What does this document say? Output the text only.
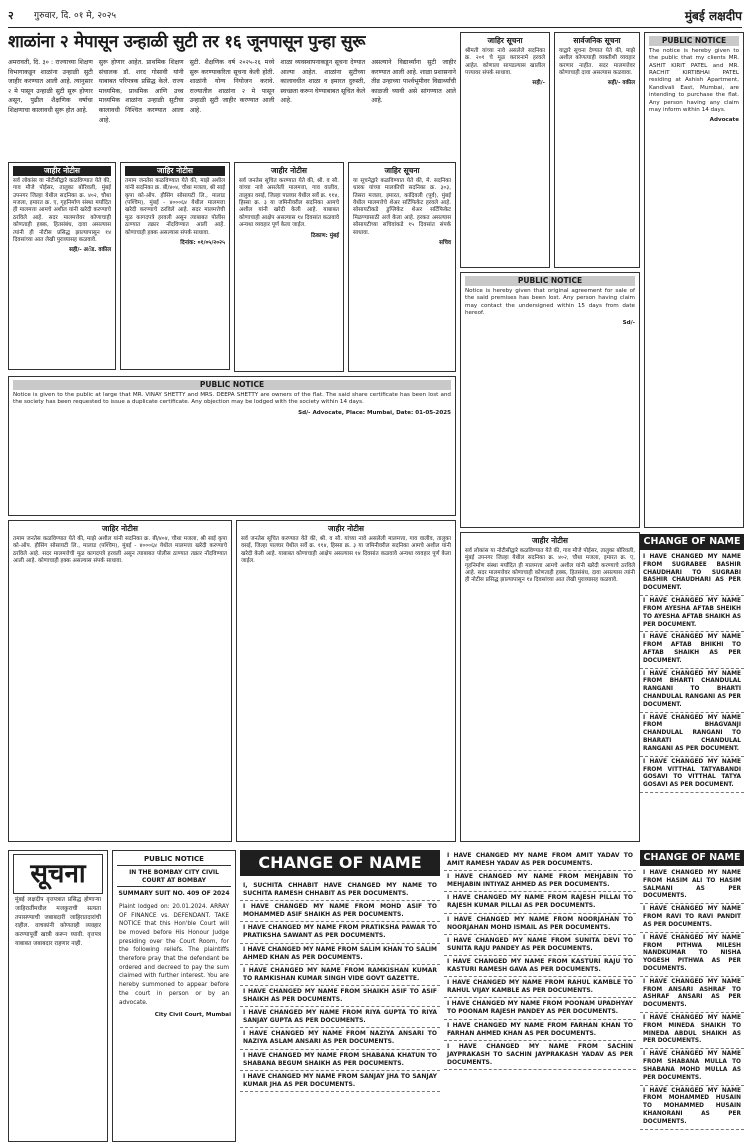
२ गुरुवार, दि. ०१ मे, २०२५	मुंबई लक्षदीप
शाळांना २ मेपासून उन्हाळी सुटी तर १६ जूनपासून पुन्हा सुरू

अमरावती, दि. ३० : राज्याच्या शिक्षण विभागाकडून शाळांना उन्हाळी सुटी जाहीर करण्यात आली आहे. त्यानुसार २ मे पासून उन्हाळी सुटी सुरू होणार असून, पुढील शैक्षणिक वर्षाचा शिक्षणाचा कालावधी सुरू होत आहे.

सुरू होणार आहेत. प्राथमिक शिक्षण संचालक डॉ. शरद गोसावी यांनी याबाबत परिपत्रक प्रसिद्ध केले. राज्य माध्यमिक, प्राथमिक आणि उच्च माध्यमिक शाळांना उन्हाळी सुटीचा कालावधी निश्चित करण्यात आला आहे.

सुटी. शैक्षणिक वर्ष २०२५-२६ मध्ये सुरू करण्याकरिता सूचना केली होती. शाळांनी योग्य नियोजन करावे. राज्यातील शाळांना २ मे पासून उन्हाळी सुटी जाहीर करण्यात आली आहे.

शाळा व्यवस्थापनाकडून सूचना देण्यात आल्या आहेत. शाळांना सुटीच्या कालावधीत शाळा व इमारत दुरुस्ती, स्वच्छता करून घेण्याबाबत सूचित केले आहे.

असल्याने विद्यार्थ्यांना सुटी जाहीर करण्यात आली आहे. शाळा प्रशासनाने तीव्र उन्हाच्या पार्श्वभूमीवर विद्यार्थ्यांची काळजी घ्यावी असे सांगण्यात आले आहे.

जाहीर नोटीस
सर्व लोकांस या नोटीसीद्वारे कळविण्यात येते की, गाव मौजे पोईसर, तालुका बोरिवली, मुंबई उपनगर जिल्हा येथील सदनिका क्र. ४०२, चौथा मजला, इमारत क्र. ए, गृहनिर्माण संस्था मर्यादित ही मालमत्ता आमचे अशील यांनी खरेदी करण्याचे ठरविले आहे. सदर मालमत्तेवर कोणाचाही कोणताही हक्क, हितसंबंध, दावा असल्यास त्यांनी ही नोटीस प्रसिद्ध झाल्यापासून १४ दिवसांच्या आत लेखी पुराव्यासह कळवावे.
सही/- अॅड. वकील
जाहिर नोटीस
तमाम जनतेस कळविण्यात येते की, माझे अशील यांनी सदनिका क्र. बी/४०४, चौथा मजला, श्री साई कृपा को-ऑप. हौसिंग सोसायटी लि., मालाड (पश्चिम), मुंबई - ४०००६४ येथील मालमत्ता खरेदी करण्याचे ठरविले आहे. सदर मालमत्तेची मूळ कागदपत्रे हरवली असून त्याबाबत पोलीस ठाण्यात तक्रार नोंदविण्यात आली आहे. कोणाचाही हक्क असल्यास संपर्क साधावा.
दिनांक: ०१/०५/२०२५
जाहीर नोटीस
सर्व जनतेस सूचित करण्यात येते की, श्री. व सौ. यांच्या नावे असलेली मालमत्ता, गाव वालीव, तालुका वसई, जिल्हा पालघर येथील सर्वे क्र. ११४, हिस्सा क्र. ३ या जमिनीवरील सदनिका आमचे अशील यांनी खरेदी केली आहे. याबाबत कोणाचाही आक्षेप असल्यास १४ दिवसांत कळवावे अन्यथा व्यवहार पूर्ण केला जाईल.
ठिकाण: मुंबई
जाहिर सूचना
या सूचनेद्वारे कळविण्यात येते की, मे. सदनिका धारक यांच्या मालकीची सदनिका क्र. ३०३, तिसरा मजला, इमारत, कांदिवली (पूर्व), मुंबई येथील मालमत्तेचे शेअर सर्टिफिकेट हरवले आहे. सोसायटीकडे डुप्लिकेट शेअर सर्टिफिकेट मिळण्यासाठी अर्ज केला आहे. हरकत असल्यास सोसायटीच्या सचिवांकडे १५ दिवसांत संपर्क साधावा.
सचिव
जाहिर सूचना
श्रीमती यांच्या नावे असलेले सदनिका क्र. २०१ चे मूळ करारनामे हरवले आहेत. कोणाला सापडल्यास खालील पत्त्यावर संपर्क साधावा.
सही/-
सार्वजनिक सूचना
याद्वारे सूचना देण्यात येते की, माझे अशील कोणत्याही व्यक्तीशी व्यवहार करणार नाहीत. सदर मालमत्तेवर कोणाचाही दावा असल्यास कळवावा.
सही/- वकील
PUBLIC NOTICE
The notice is hereby given to the public that my clients MR. ASHIT KIRIT PATEL and MR. RACHIT KIRTIBHAI PATEL residing at Ashish Apartment, Kandivali East, Mumbai, are intending to purchase the flat. Any person having any claim may inform within 14 days.
Advocate
PUBLIC NOTICE
Notice is hereby given that original agreement for sale of the said premises has been lost. Any person having claim may contact the undersigned within 15 days from date hereof.
Sd/-
PUBLIC NOTICE
Notice is given to the public at large that MR. VINAY SHETTY and MRS. DEEPA SHETTY are owners of the flat. The said share certificate has been lost and the society has been requested to issue a duplicate certificate. Any objection may be lodged with the society within 14 days.
Sd/- Advocate, Place: Mumbai, Date: 01-05-2025
जाहीर नोटीस
सर्व लोकांस या नोटीसीद्वारे कळविण्यात येते की, गाव मौजे पोईसर, तालुका बोरिवली, मुंबई उपनगर जिल्हा येथील सदनिका क्र. ४०२, चौथा मजला, इमारत क्र. ए, गृहनिर्माण संस्था मर्यादित ही मालमत्ता आमचे अशील यांनी खरेदी करण्याचे ठरविले आहे. सदर मालमत्तेवर कोणाचाही कोणताही हक्क, हितसंबंध, दावा असल्यास त्यांनी ही नोटीस प्रसिद्ध झाल्यापासून १४ दिवसांच्या आत लेखी पुराव्यासह कळवावे.
जाहिर नोटीस
तमाम जनतेस कळविण्यात येते की, माझे अशील यांनी सदनिका क्र. बी/४०४, चौथा मजला, श्री साई कृपा को-ऑप. हौसिंग सोसायटी लि., मालाड (पश्चिम), मुंबई - ४०००६४ येथील मालमत्ता खरेदी करण्याचे ठरविले आहे. सदर मालमत्तेची मूळ कागदपत्रे हरवली असून त्याबाबत पोलीस ठाण्यात तक्रार नोंदविण्यात आली आहे. कोणाचाही हक्क असल्यास संपर्क साधावा.
जाहीर नोटीस
सर्व जनतेस सूचित करण्यात येते की, श्री. व सौ. यांच्या नावे असलेली मालमत्ता, गाव वालीव, तालुका वसई, जिल्हा पालघर येथील सर्वे क्र. ११४, हिस्सा क्र. ३ या जमिनीवरील सदनिका आमचे अशील यांनी खरेदी केली आहे. याबाबत कोणाचाही आक्षेप असल्यास १४ दिवसांत कळवावे अन्यथा व्यवहार पूर्ण केला जाईल.
सूचना
मुंबई लक्षदीप वृत्तपत्रात प्रसिद्ध होणाऱ्या जाहिरातींमधील मजकुराची सत्यता तपासण्याची जबाबदारी जाहिरातदारांची राहील. वाचकांनी कोणताही व्यवहार करण्यापूर्वी खात्री करून घ्यावी. वृत्तपत्र याबाबत जबाबदार राहणार नाही.
PUBLIC NOTICE
IN THE BOMBAY CITY CIVIL COURT AT BOMBAY
SUMMARY SUIT NO. 409 OF 2024
Plaint lodged on: 20.01.2024. ARRAY OF FINANCE vs. DEFENDANT. TAKE NOTICE that this Hon'ble Court will be moved before His Honour Judge presiding over the Court Room, for the following reliefs. The plaintiffs therefore pray that the defendant be ordered and decreed to pay the sum claimed with further interest. You are hereby summoned to appear before the court in person or by an advocate.
City Civil Court, Mumbai
CHANGE OF NAME
I, SUCHITA CHHABIT HAVE CHANGED MY NAME TO SUCHITA RAMESH CHHABIT AS PER DOCUMENTS.
I HAVE CHANGED MY NAME FROM MOHD ASIF TO MOHAMMED ASIF SHAIKH AS PER DOCUMENTS.
I HAVE CHANGED MY NAME FROM PRATIKSHA PAWAR TO PRATIKSHA SAWANT AS PER DOCUMENTS.
I HAVE CHANGED MY NAME FROM SALIM KHAN TO SALIM AHMED KHAN AS PER DOCUMENTS.
I HAVE CHANGED MY NAME FROM RAMKISHAN KUMAR TO RAMKISHAN KUMAR SINGH VIDE GOVT GAZETTE.
I HAVE CHANGED MY NAME FROM SHAIKH ASIF TO ASIF SHAIKH AS PER DOCUMENTS.
I HAVE CHANGED MY NAME FROM RIYA GUPTA TO RIYA SANJAY GUPTA AS PER DOCUMENTS.
I HAVE CHANGED MY NAME FROM NAZIYA ANSARI TO NAZIYA ASLAM ANSARI AS PER DOCUMENTS.
I HAVE CHANGED MY NAME FROM SHABANA KHATUN TO SHABANA BEGUM SHAIKH AS PER DOCUMENTS.
I HAVE CHANGED MY NAME FROM SANJAY JHA TO SANJAY KUMAR JHA AS PER DOCUMENTS.
I HAVE CHANGED MY NAME FROM AMIT YADAV TO AMIT RAMESH YADAV AS PER DOCUMENTS.
I HAVE CHANGED MY NAME FROM MEHJABIN TO MEHJABIN INTIYAZ AHMED AS PER DOCUMENTS.
I HAVE CHANGED MY NAME FROM RAJESH PILLAI TO RAJESH KUMAR PILLAI AS PER DOCUMENTS.
I HAVE CHANGED MY NAME FROM NOORJAHAN TO NOORJAHAN MOHD ISMAIL AS PER DOCUMENTS.
I HAVE CHANGED MY NAME FROM SUNITA DEVI TO SUNITA RAJU PANDEY AS PER DOCUMENTS.
I HAVE CHANGED MY NAME FROM KASTURI RAJU TO KASTURI RAMESH GAVA AS PER DOCUMENTS.
I HAVE CHANGED MY NAME FROM RAHUL KAMBLE TO RAHUL VIJAY KAMBLE AS PER DOCUMENTS.
I HAVE CHANGED MY NAME FROM POONAM UPADHYAY TO POONAM RAJESH PANDEY AS PER DOCUMENTS.
I HAVE CHANGED MY NAME FROM FARHAN KHAN TO FARHAN AHMED KHAN AS PER DOCUMENTS.
I HAVE CHANGED MY NAME FROM SACHIN JAYPRAKASH TO SACHIN JAYPRAKASH YADAV AS PER DOCUMENTS.
CHANGE OF NAME
I HAVE CHANGED MY NAME FROM SUGRABEE BASHIR CHAUDHARI TO SUGRABI BASHIR CHAUDHARI AS PER DOCUMENT.
I HAVE CHANGED MY NAME FROM AYESHA AFTAB SHEIKH TO AYESHA AFTAB SHAIKH AS PER DOCUMENT.
I HAVE CHANGED MY NAME FROM AFTAB BHIKHI TO AFTAB SHAIKH AS PER DOCUMENT.
I HAVE CHANGED MY NAME FROM BHARTI CHANDULAL RANGANI TO BHARTI CHANDULAL RANGANI AS PER DOCUMENT.
I HAVE CHANGED MY NAME FROM BHAGVANJI CHANDULAL RANGANI TO BHARATI CHANDULAL RANGANI AS PER DOCUMENT.
I HAVE CHANGED MY NAME FROM VITTHAL TATYABANDI GOSAVI TO VITTHAL TATYA GOSAVI AS PER DOCUMENT.
CHANGE OF NAME
I HAVE CHANGED MY NAME FROM HASIM ALI TO HASIM SALMANI AS PER DOCUMENTS.
I HAVE CHANGED MY NAME FROM RAVI TO RAVI PANDIT AS PER DOCUMENTS.
I HAVE CHANGED MY NAME FROM PITHWA MILESH NANDKUMAR TO NISHA YOGESH PITHWA AS PER DOCUMENTS.
I HAVE CHANGED MY NAME FROM ANSARI ASHRAF TO ASHRAF ANSARI AS PER DOCUMENTS.
I HAVE CHANGED MY NAME FROM MINEDA SHAIKH TO MINEDA ABDUL SHAIKH AS PER DOCUMENTS.
I HAVE CHANGED MY NAME FROM SHABANA MULLA TO SHABANA MOHD MULLA AS PER DOCUMENTS.
I HAVE CHANGED MY NAME FROM MOHAMMED HUSAIN TO MOHAMMED HUSAIN KHANORANI AS PER DOCUMENTS.
